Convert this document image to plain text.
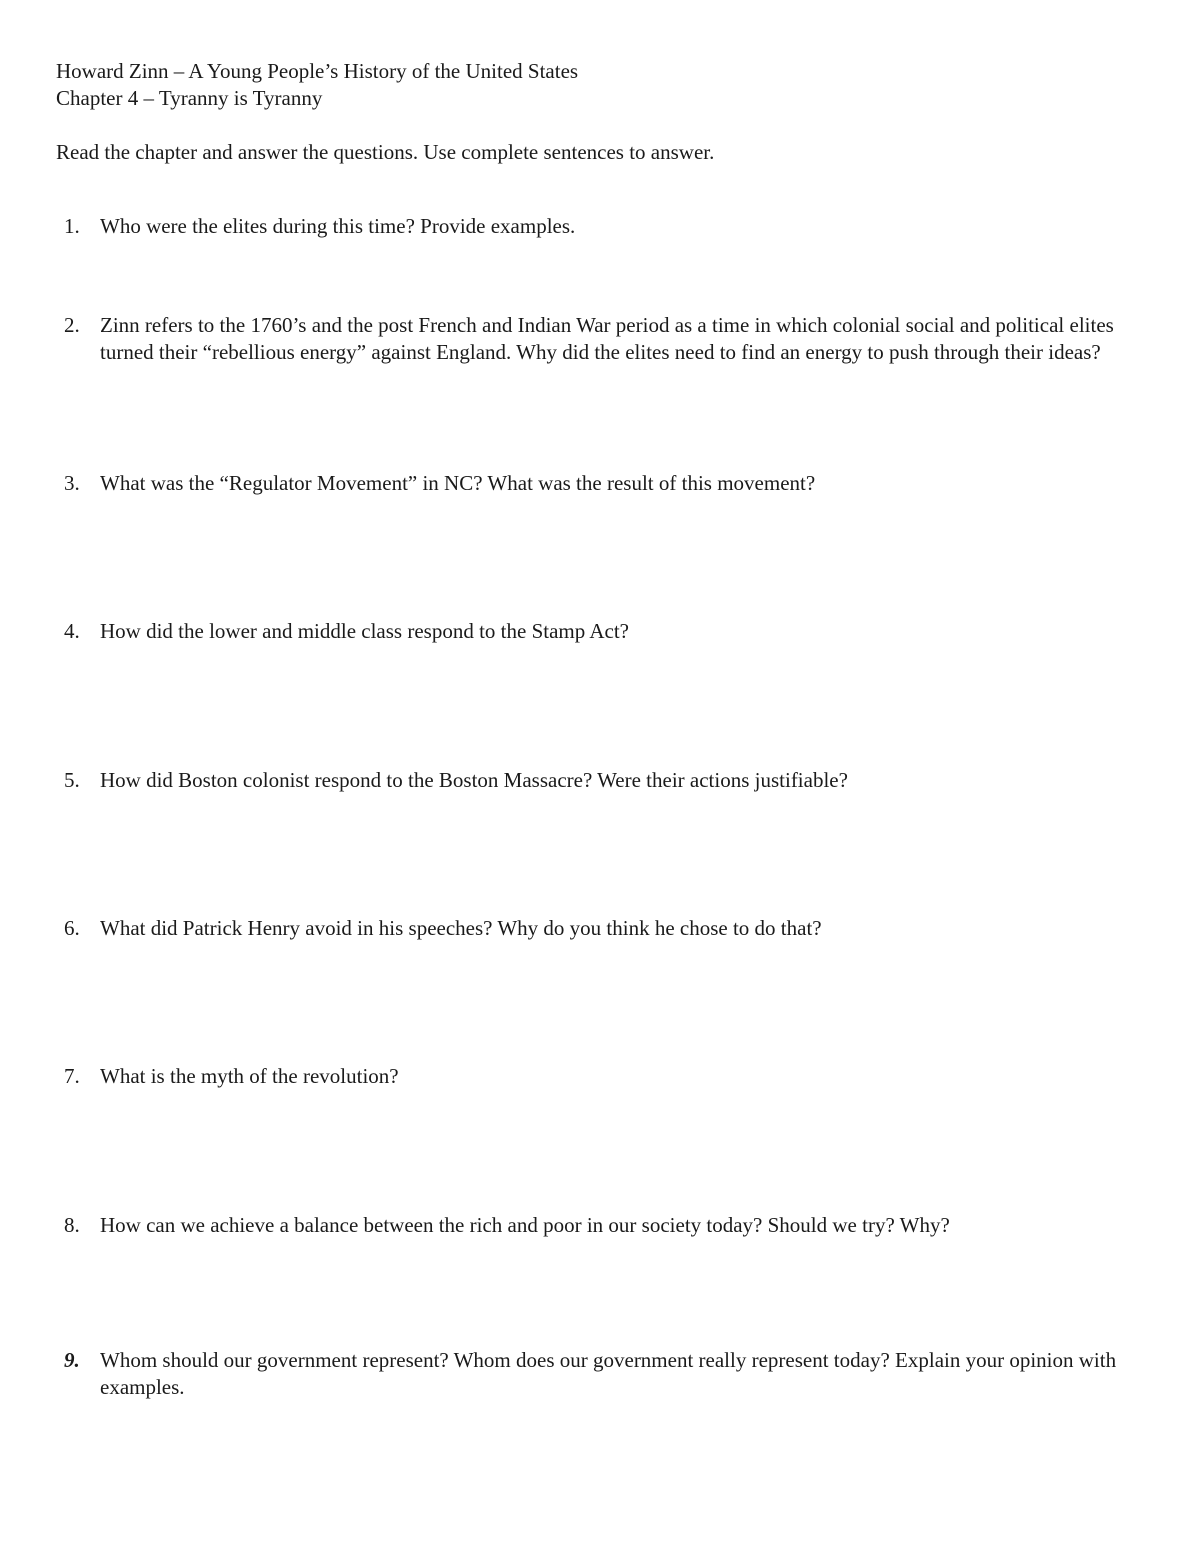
Howard Zinn – A Young People’s History of the United States
Chapter 4 – Tyranny is Tyranny
Read the chapter and answer the questions. Use complete sentences to answer.
1. Who were the elites during this time? Provide examples.
2. Zinn refers to the 1760’s and the post French and Indian War period as a time in which colonial social and political elites turned their “rebellious energy” against England. Why did the elites need to find an energy to push through their ideas?
3. What was the “Regulator Movement” in NC? What was the result of this movement?
4. How did the lower and middle class respond to the Stamp Act?
5. How did Boston colonist respond to the Boston Massacre? Were their actions justifiable?
6. What did Patrick Henry avoid in his speeches? Why do you think he chose to do that?
7. What is the myth of the revolution?
8. How can we achieve a balance between the rich and poor in our society today? Should we try? Why?
9. Whom should our government represent? Whom does our government really represent today? Explain your opinion with examples.
